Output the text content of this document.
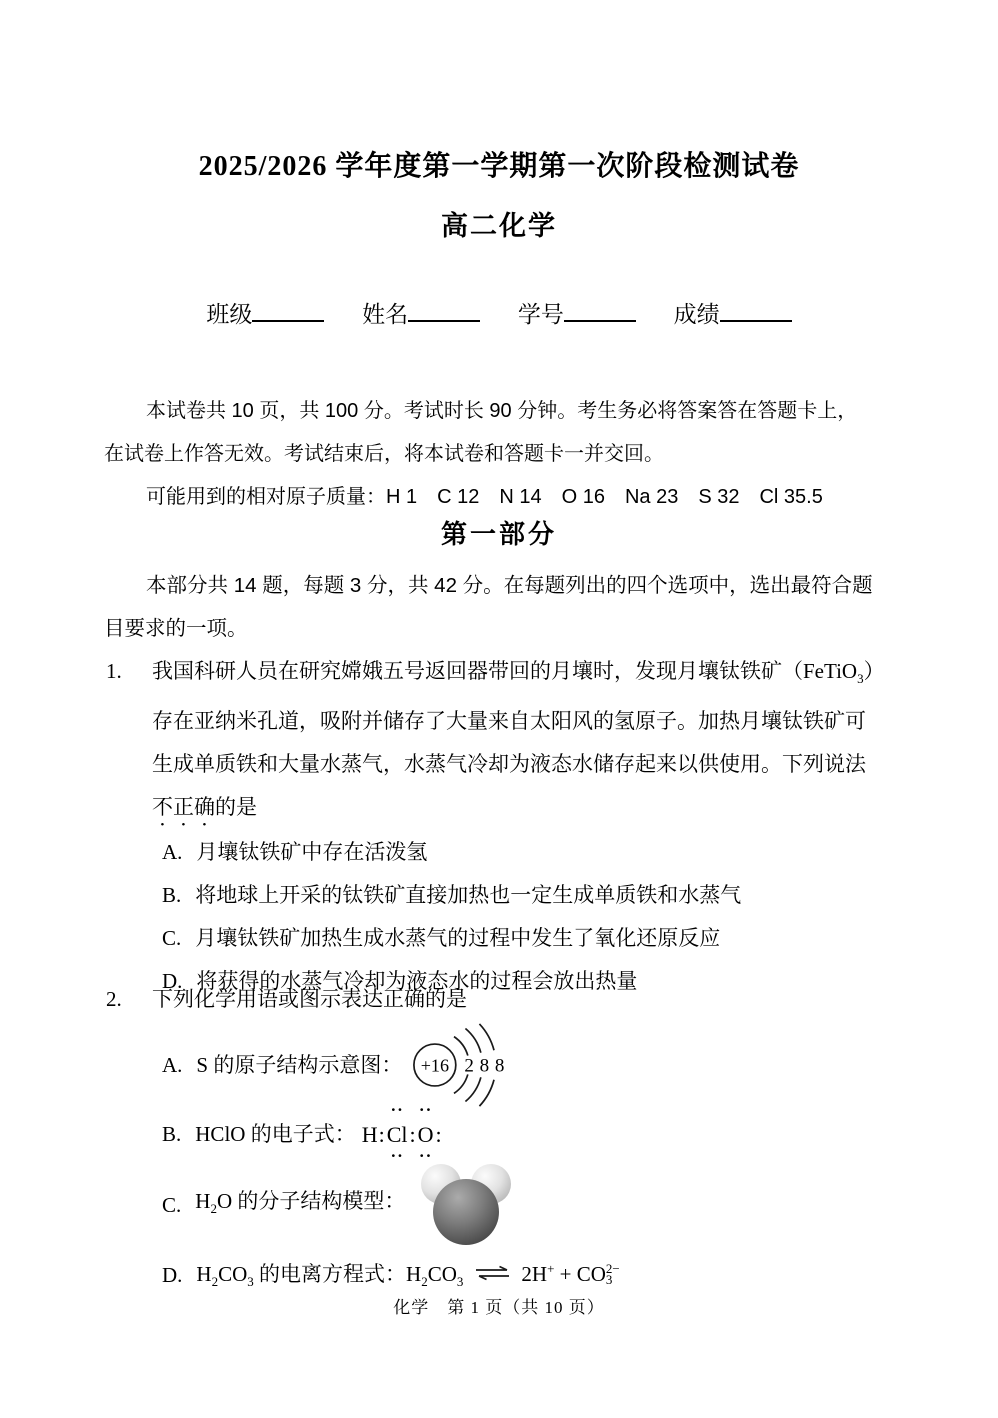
2025/2026 学年度第一学期第一次阶段检测试卷
高二化学
班级	姓名	学号	成绩
本试卷共 10 页，共 100 分。考试时长 90 分钟。考生务必将答案答在答题卡上，
在试卷上作答无效。考试结束后，将本试卷和答题卡一并交回。
可能用到的相对原子质量：H 1　C 12　N 14　O 16　Na 23　S 32　Cl 35.5
第一部分
本部分共 14 题，每题 3 分，共 42 分。在每题列出的四个选项中，选出最符合题
目要求的一项。
1.	我国科研人员在研究嫦娥五号返回器带回的月壤时，发现月壤钛铁矿（FeTiO$_3$）
存在亚纳米孔道，吸附并储存了大量来自太阳风的氢原子。加热月壤钛铁矿可
生成单质铁和大量水蒸气，水蒸气冷却为液态水储存起来以供使用。下列说法
不正确的是
A. 月壤钛铁矿中存在活泼氢
B. 将地球上开采的钛铁矿直接加热也一定生成单质铁和水蒸气
C. 月壤钛铁矿加热生成水蒸气的过程中发生了氧化还原反应
D. 将获得的水蒸气冷却为液态水的过程会放出热量
2.	下列化学用语或图示表达正确的是
A. S 的原子结构示意图： +16 2 8 8
B. HClO 的电子式： H :
··
Cl
··
:
··
O
··
:
C. $H_2O$ 的分子结构模型：
D. $H_2CO_3$ 的电离方程式：$H_2CO_3$ ⇌ 2H+ + CO 2−
3
化学　第 1 页（共 10 页）
